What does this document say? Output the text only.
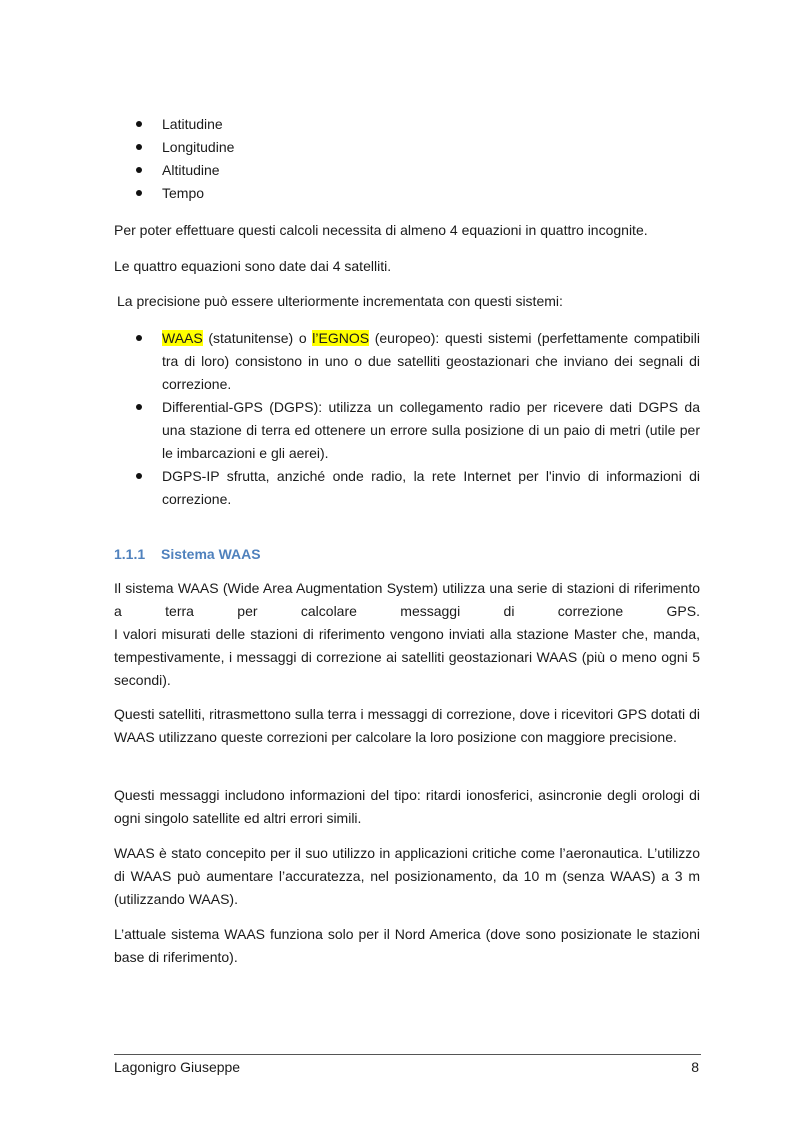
Latitudine
Longitudine
Altitudine
Tempo

Per poter effettuare questi calcoli necessita di almeno 4 equazioni in quattro incognite.

Le quattro equazioni sono date dai 4 satelliti.

La precisione può essere ulteriormente incrementata con questi sistemi:

WAAS (statunitense) o l’EGNOS (europeo): questi sistemi (perfettamente compatibili tra di loro) consistono in uno o due satelliti geostazionari che inviano dei segnali di correzione.
Differential-GPS (DGPS): utilizza un collegamento radio per ricevere dati DGPS da una stazione di terra ed ottenere un errore sulla posizione di un paio di metri (utile per le imbarcazioni e gli aerei).
DGPS-IP sfrutta, anziché onde radio, la rete Internet per l'invio di informazioni di correzione.
1.1.1 Sistema WAAS

Il sistema WAAS (Wide Area Augmentation System) utilizza una serie di stazioni di riferimento a terra per calcolare messaggi di correzione GPS.

I valori misurati delle stazioni di riferimento vengono inviati alla stazione Master che, manda, tempestivamente, i messaggi di correzione ai satelliti geostazionari WAAS (più o meno ogni 5 secondi).

Questi satelliti, ritrasmettono sulla terra i messaggi di correzione, dove i ricevitori GPS dotati di WAAS utilizzano queste correzioni per calcolare la loro posizione con maggiore precisione.

Questi messaggi includono informazioni del tipo: ritardi ionosferici, asincronie degli orologi di ogni singolo satellite ed altri errori simili.

WAAS è stato concepito per il suo utilizzo in applicazioni critiche come l’aeronautica. L’utilizzo di WAAS può aumentare l’accuratezza, nel posizionamento, da 10 m (senza WAAS) a 3 m (utilizzando WAAS).

L’attuale sistema WAAS funziona solo per il Nord America (dove sono posizionate le stazioni base di riferimento).

Lagonigro Giuseppe	8
